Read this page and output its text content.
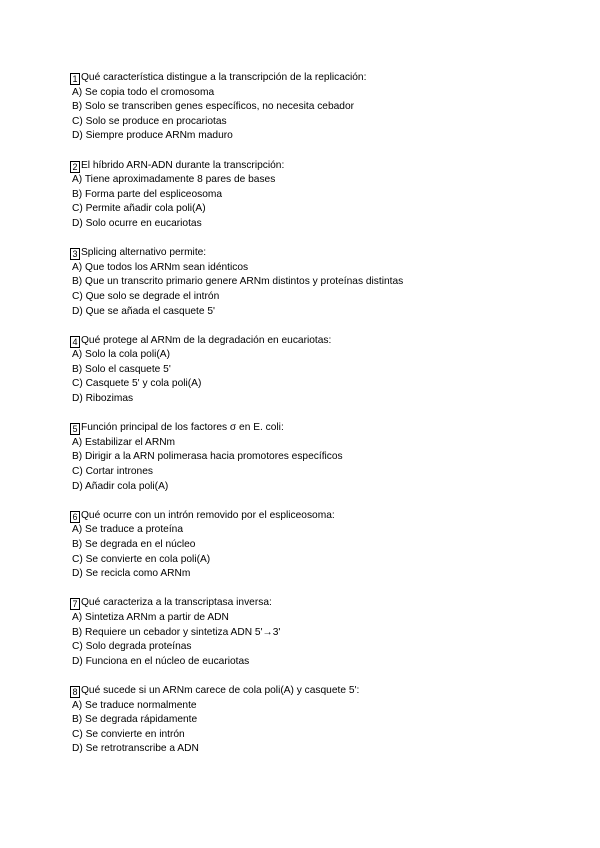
1 Qué característica distingue a la transcripción de la replicación:
A) Se copia todo el cromosoma
B) Solo se transcriben genes específicos, no necesita cebador
C) Solo se produce en procariotas
D) Siempre produce ARNm maduro
2 El híbrido ARN-ADN durante la transcripción:
A) Tiene aproximadamente 8 pares de bases
B) Forma parte del espliceosoma
C) Permite añadir cola poli(A)
D) Solo ocurre en eucariotas
3 Splicing alternativo permite:
A) Que todos los ARNm sean idénticos
B) Que un transcrito primario genere ARNm distintos y proteínas distintas
C) Que solo se degrade el intrón
D) Que se añada el casquete 5'
4 Qué protege al ARNm de la degradación en eucariotas:
A) Solo la cola poli(A)
B) Solo el casquete 5'
C) Casquete 5' y cola poli(A)
D) Ribozimas
5 Función principal de los factores σ en E. coli:
A) Estabilizar el ARNm
B) Dirigir a la ARN polimerasa hacia promotores específicos
C) Cortar intrones
D) Añadir cola poli(A)
6 Qué ocurre con un intrón removido por el espliceosoma:
A) Se traduce a proteína
B) Se degrada en el núcleo
C) Se convierte en cola poli(A)
D) Se recicla como ARNm
7 Qué caracteriza a la transcriptasa inversa:
A) Sintetiza ARNm a partir de ADN
B) Requiere un cebador y sintetiza ADN 5'→3'
C) Solo degrada proteínas
D) Funciona en el núcleo de eucariotas
8 Qué sucede si un ARNm carece de cola poli(A) y casquete 5':
A) Se traduce normalmente
B) Se degrada rápidamente
C) Se convierte en intrón
D) Se retrotranscribe a ADN
